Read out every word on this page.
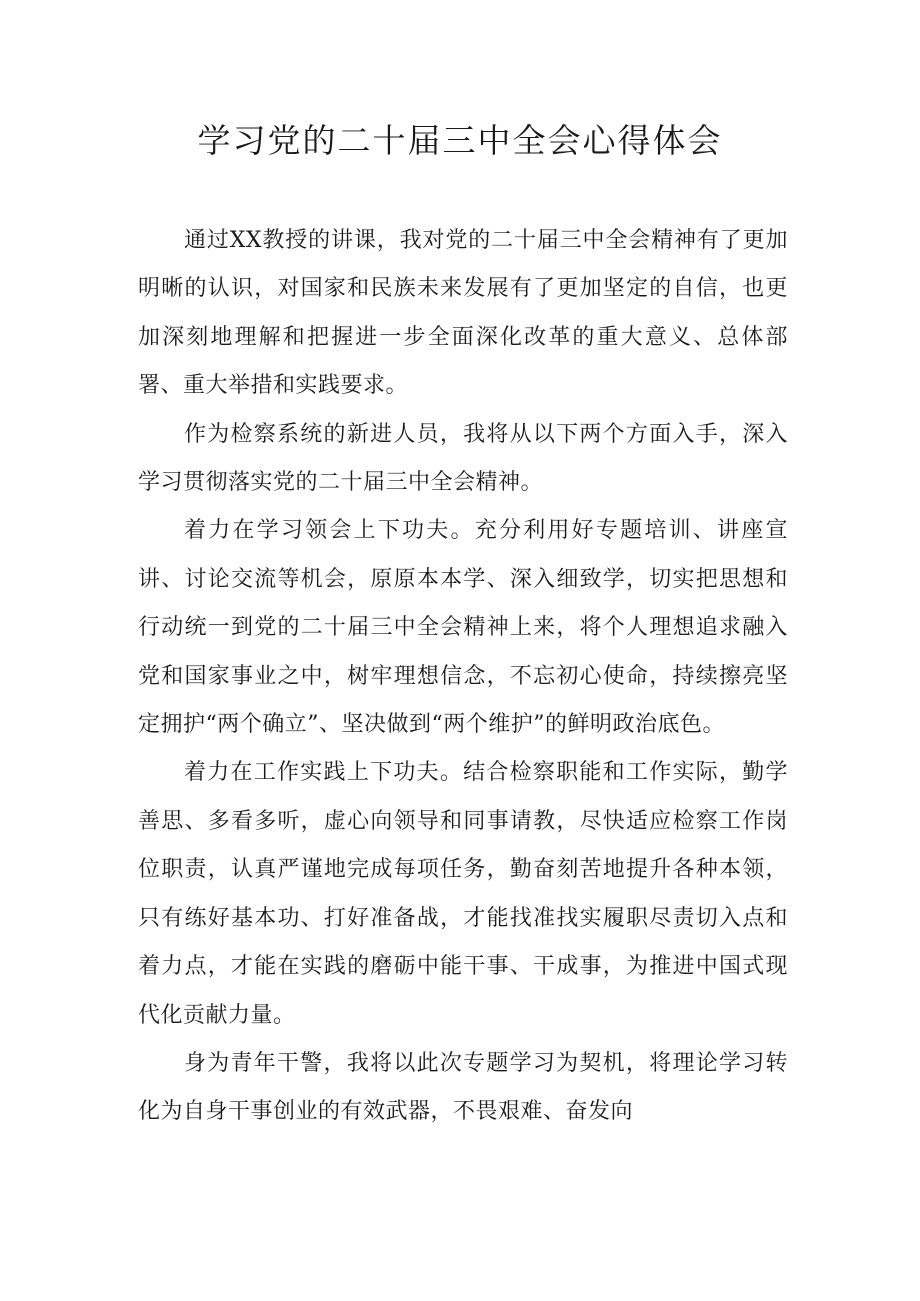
学习党的二十届三中全会心得体会

通过XX教授的讲课，我对党的二十届三中全会精神有了更加明晰的认识，对国家和民族未来发展有了更加坚定的自信，也更加深刻地理解和把握进一步全面深化改革的重大意义、总体部署、重大举措和实践要求。

作为检察系统的新进人员，我将从以下两个方面入手，深入学习贯彻落实党的二十届三中全会精神。

着力在学习领会上下功夫。充分利用好专题培训、讲座宣讲、讨论交流等机会，原原本本学、深入细致学，切实把思想和行动统一到党的二十届三中全会精神上来，将个人理想追求融入党和国家事业之中，树牢理想信念，不忘初心使命，持续擦亮坚定拥护“两个确立”、坚决做到“两个维护”的鲜明政治底色。

着力在工作实践上下功夫。结合检察职能和工作实际，勤学善思、多看多听，虚心向领导和同事请教，尽快适应检察工作岗位职责，认真严谨地完成每项任务，勤奋刻苦地提升各种本领，只有练好基本功、打好准备战，才能找准找实履职尽责切入点和着力点，才能在实践的磨砺中能干事、干成事，为推进中国式现代化贡献力量。

身为青年干警，我将以此次专题学习为契机，将理论学习转化为自身干事创业的有效武器，不畏艰难、奋发向
